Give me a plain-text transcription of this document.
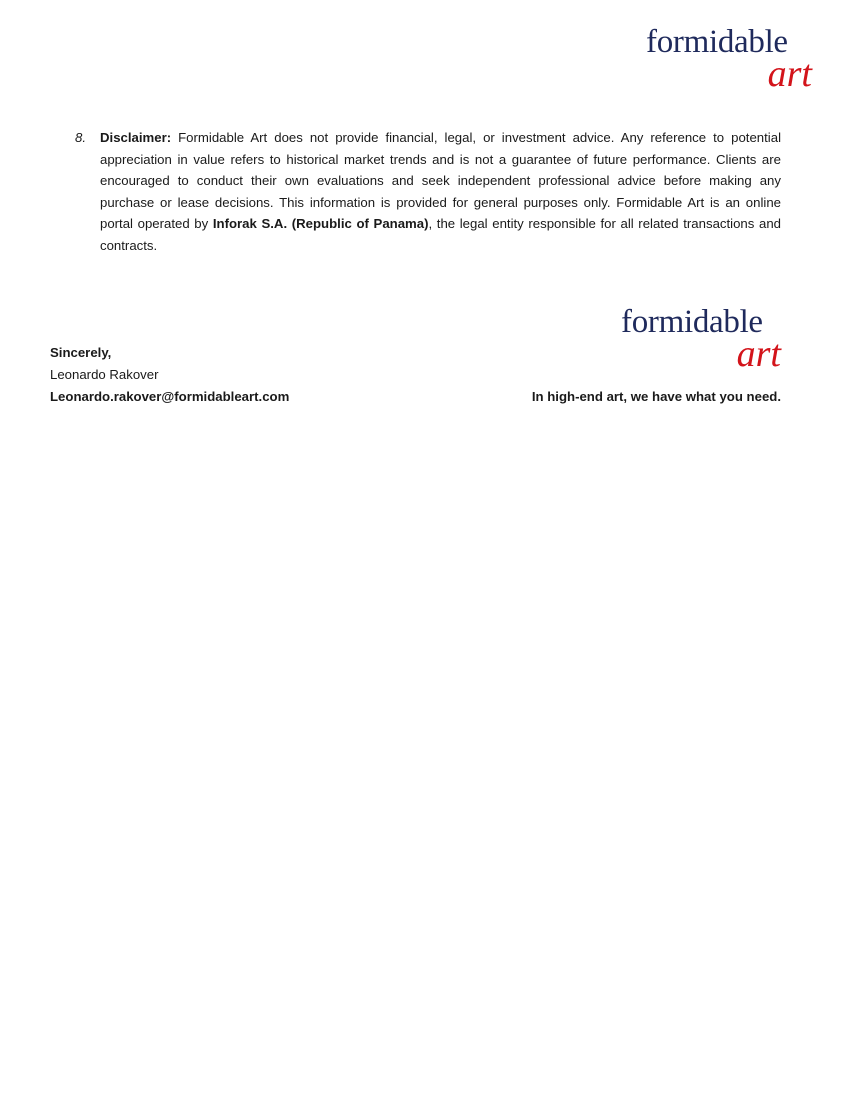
formidable
art
8. Disclaimer: Formidable Art does not provide financial, legal, or investment advice. Any reference to potential appreciation in value refers to historical market trends and is not a guarantee of future performance. Clients are encouraged to conduct their own evaluations and seek independent professional advice before making any purchase or lease decisions. This information is provided for general purposes only. Formidable Art is an online portal operated by Inforak S.A. (Republic of Panama), the legal entity responsible for all related transactions and contracts.
formidable
art
Sincerely,
Leonardo Rakover
Leonardo.rakover@formidableart.com	In high-end art, we have what you need.
